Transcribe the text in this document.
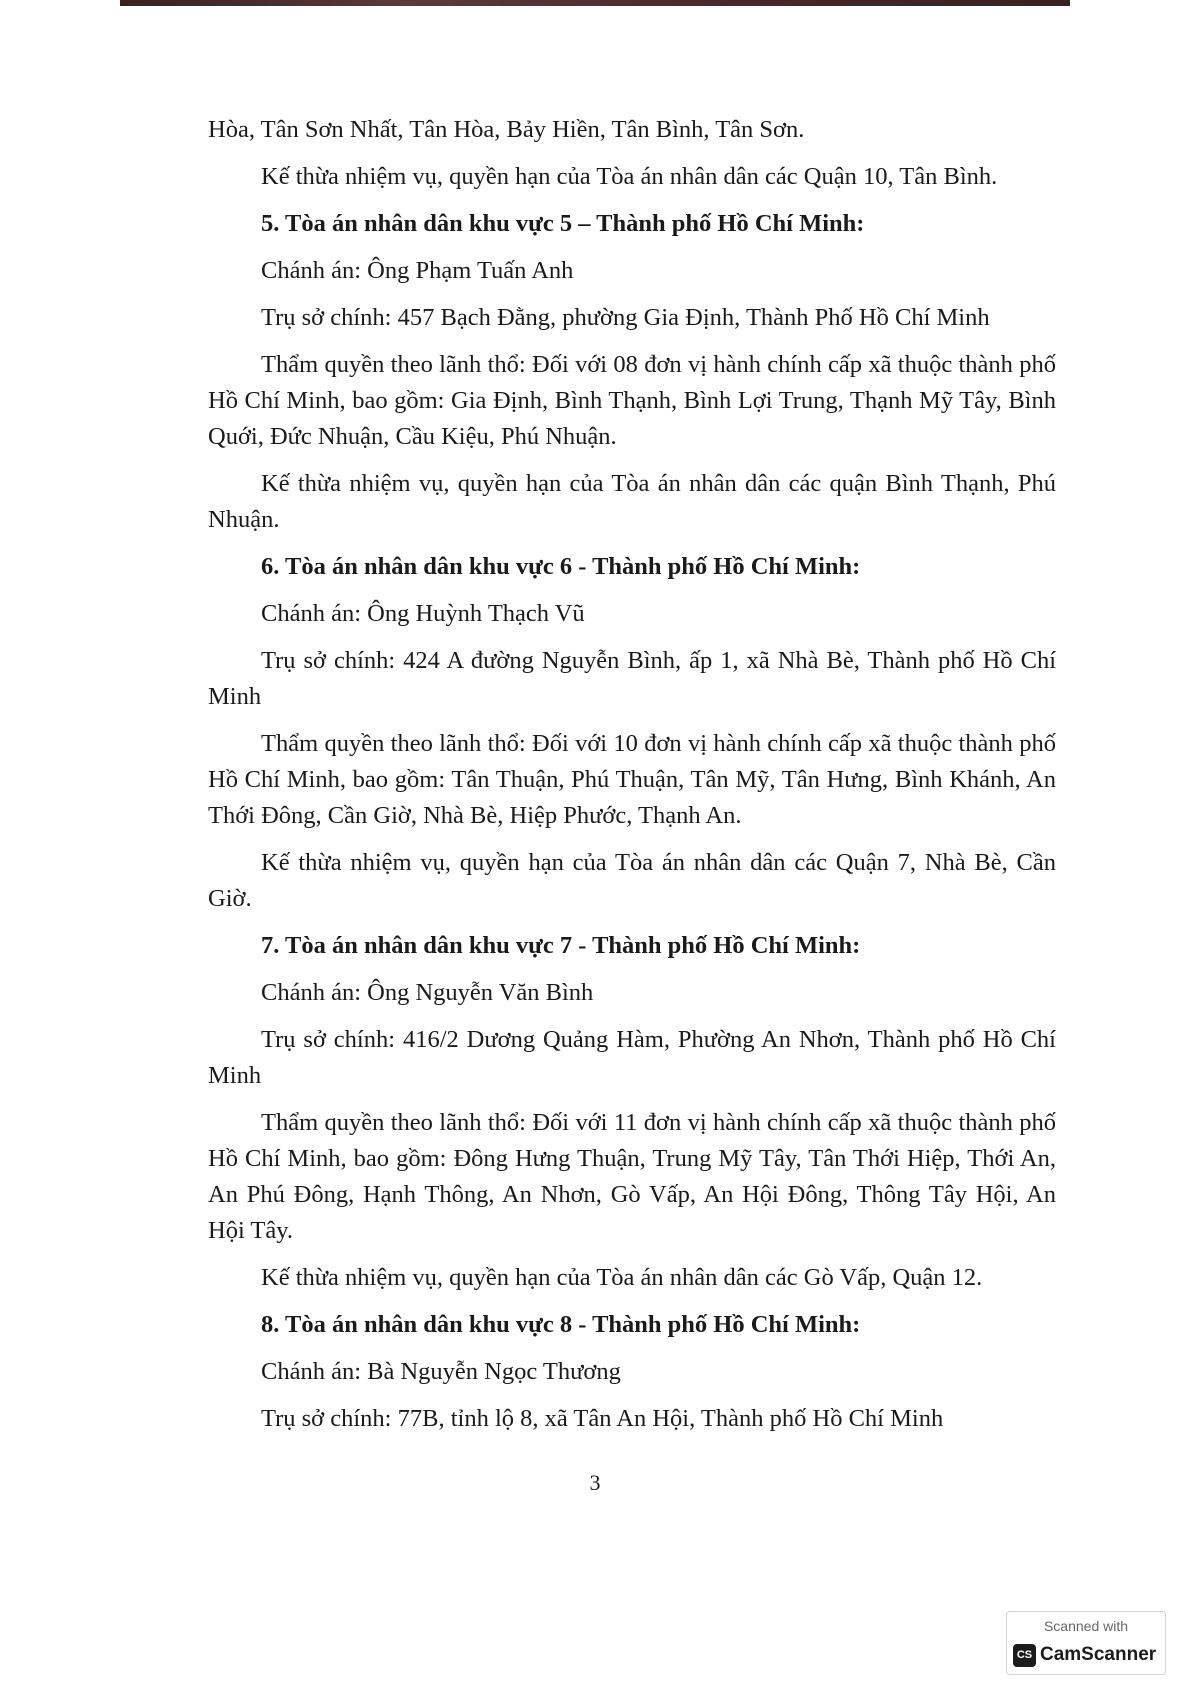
Hòa, Tân Sơn Nhất, Tân Hòa, Bảy Hiền, Tân Bình, Tân Sơn.

Kế thừa nhiệm vụ, quyền hạn của Tòa án nhân dân các Quận 10, Tân Bình.

5. Tòa án nhân dân khu vực 5 – Thành phố Hồ Chí Minh:

Chánh án: Ông Phạm Tuấn Anh

Trụ sở chính: 457 Bạch Đằng, phường Gia Định, Thành Phố Hồ Chí Minh

Thẩm quyền theo lãnh thổ: Đối với 08 đơn vị hành chính cấp xã thuộc thành phố Hồ Chí Minh, bao gồm: Gia Định, Bình Thạnh, Bình Lợi Trung, Thạnh Mỹ Tây, Bình Quới, Đức Nhuận, Cầu Kiệu, Phú Nhuận.

Kế thừa nhiệm vụ, quyền hạn của Tòa án nhân dân các quận Bình Thạnh, Phú Nhuận.

6. Tòa án nhân dân khu vực 6 - Thành phố Hồ Chí Minh:

Chánh án: Ông Huỳnh Thạch Vũ

Trụ sở chính: 424 A đường Nguyễn Bình, ấp 1, xã Nhà Bè, Thành phố Hồ Chí Minh

Thẩm quyền theo lãnh thổ: Đối với 10 đơn vị hành chính cấp xã thuộc thành phố Hồ Chí Minh, bao gồm: Tân Thuận, Phú Thuận, Tân Mỹ, Tân Hưng, Bình Khánh, An Thới Đông, Cần Giờ, Nhà Bè, Hiệp Phước, Thạnh An.

Kế thừa nhiệm vụ, quyền hạn của Tòa án nhân dân các Quận 7, Nhà Bè, Cần Giờ.

7. Tòa án nhân dân khu vực 7 - Thành phố Hồ Chí Minh:

Chánh án: Ông Nguyễn Văn Bình

Trụ sở chính: 416/2 Dương Quảng Hàm, Phường An Nhơn, Thành phố Hồ Chí Minh

Thẩm quyền theo lãnh thổ: Đối với 11 đơn vị hành chính cấp xã thuộc thành phố Hồ Chí Minh, bao gồm: Đông Hưng Thuận, Trung Mỹ Tây, Tân Thới Hiệp, Thới An, An Phú Đông, Hạnh Thông, An Nhơn, Gò Vấp, An Hội Đông, Thông Tây Hội, An Hội Tây.

Kế thừa nhiệm vụ, quyền hạn của Tòa án nhân dân các Gò Vấp, Quận 12.

8. Tòa án nhân dân khu vực 8 - Thành phố Hồ Chí Minh:

Chánh án: Bà Nguyễn Ngọc Thương

Trụ sở chính: 77B, tỉnh lộ 8, xã Tân An Hội, Thành phố Hồ Chí Minh

3
Scanned with
CS CamScanner
